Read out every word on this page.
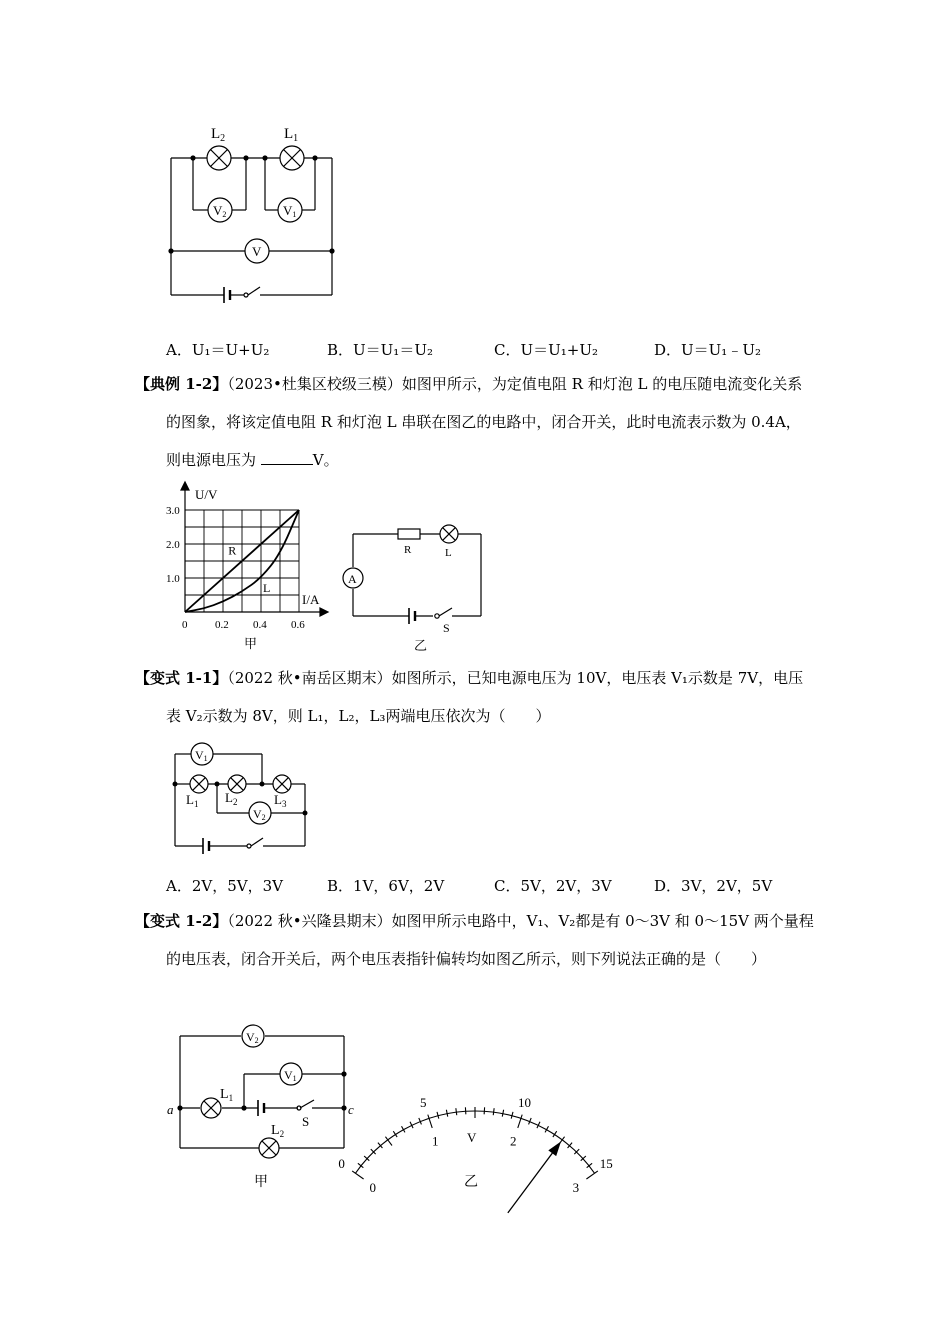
$L_2$	$L_1$
V2	V1
V
A．U₁＝U+U₂	B．U＝U₁＝U₂	C．U＝U₁+U₂	D．U＝U₁﹣U₂
【典例 1-2】（2023•杜集区校级三模）如图甲所示，为定值电阻 R 和灯泡 L 的电压随电流变化关系的图象，将该定值电阻 R 和灯泡 L 串联在图乙的电路中，闭合开关，此时电流表示数为 0.4A，则电源电压为	V。
R
L
0	0.2 0.4 0.6
1.0
2.0
3.0
U/V
I/A
甲
A
R	L
S
乙
【变式 1-1】（2022 秋•南岳区期末）如图所示，已知电源电压为 10V，电压表 V₁示数是 7V，电压表 V₂示数为 8V，则 L₁，L₂，L₃两端电压依次为（　　）
V1
V2
$L_1$ $L_2$	$L_3$
A．2V，5V，3V	B．1V，6V，2V	C．5V，2V，3V	D．3V，2V，5V
【变式 1-2】（2022 秋•兴隆县期末）如图甲所示电路中，V₁、V₂都是有 0～3V 和 0～15V 两个量程的电压表，闭合开关后，两个电压表指针偏转均如图乙所示，则下列说法正确的是（　　）
V2
V1
$L_1$
$L_2$
a	c
S
甲
0
5	10
15
0
1	2
3
V
乙
